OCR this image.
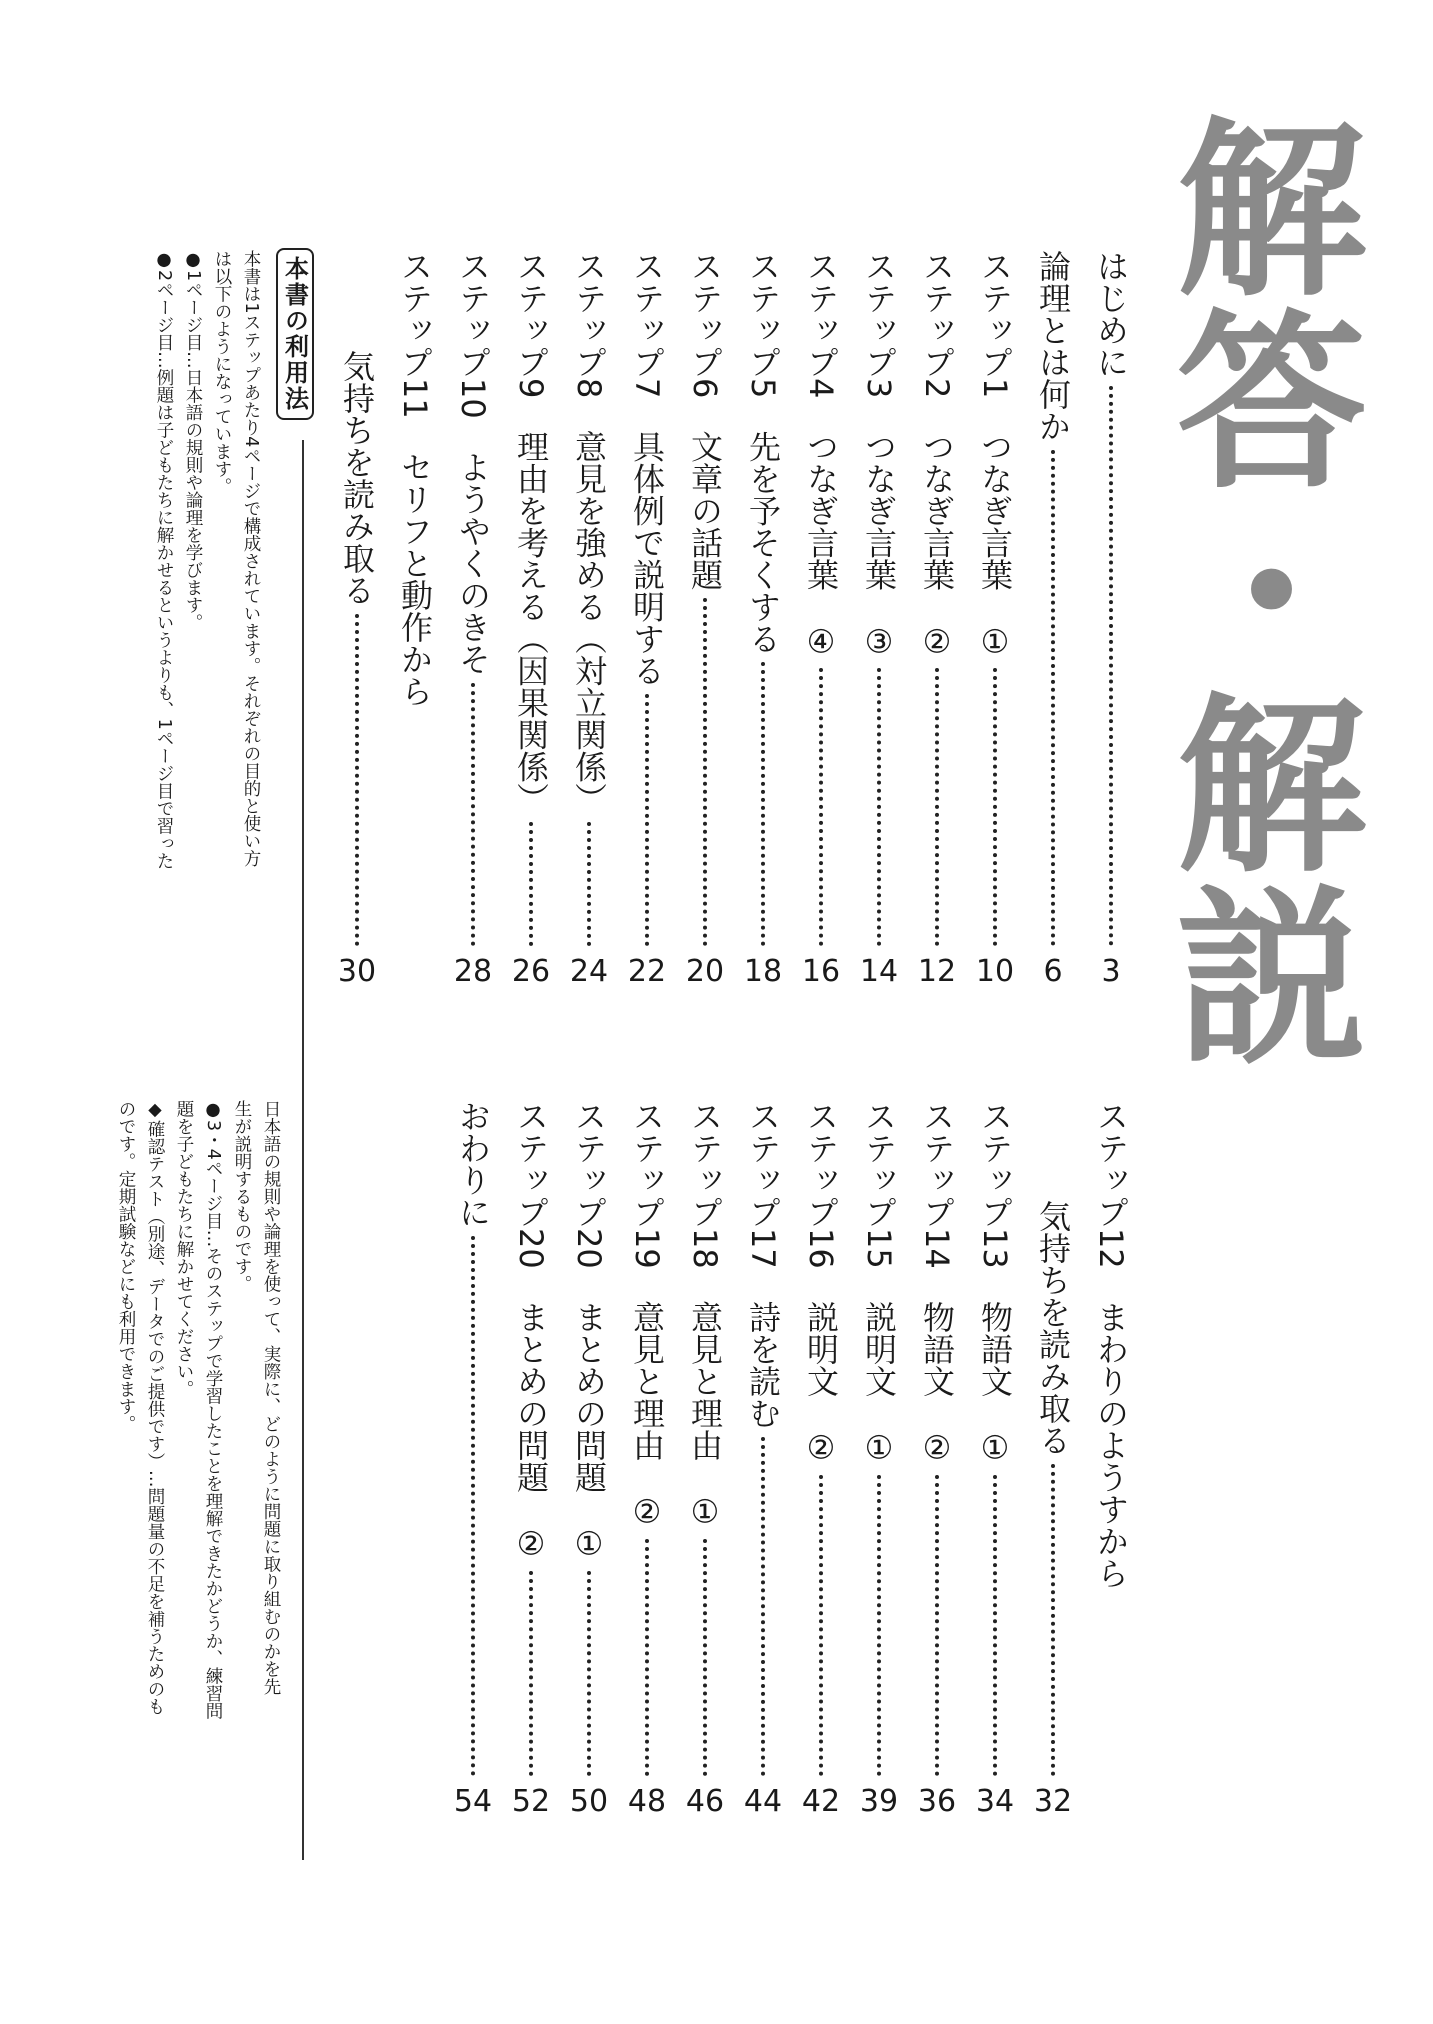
解答・解説
はじめに
3
論理とは何か
6
ステップ1　つなぎ言葉　①
10
ステップ2　つなぎ言葉　②
12
ステップ3　つなぎ言葉　③
14
ステップ4　つなぎ言葉　④
16
ステップ5　先を予そくする
18
ステップ6　文章の話題
20
ステップ7　具体例で説明する
22
ステップ8　意見を強める（対立関係）
24
ステップ9　理由を考える（因果関係）
26
ステップ10　ようやくのきそ
28
ステップ11　セリフと動作から
気持ちを読み取る
30
ステップ12　まわりのようすから
気持ちを読み取る
32
ステップ13　物語文　①
34
ステップ14　物語文　②
36
ステップ15　説明文　①
39
ステップ16　説明文　②
42
ステップ17　詩を読む
44
ステップ18　意見と理由　①
46
ステップ19　意見と理由　②
48
ステップ20　まとめの問題　①
50
ステップ20　まとめの問題　②
52
おわりに
54
本書の利用法
本書は1ステップあたり4ページで構成されています。それぞれの目的と使い方
は以下のようになっています。
●1ページ目…日本語の規則や論理を学びます。
●2ページ目…例題は子どもたちに解かせるというよりも、1ページ目で習った
日本語の規則や論理を使って、実際に、どのように問題に取り組むのかを先
生が説明するものです。
●3・4ページ目…そのステップで学習したことを理解できたかどうか、練習問
題を子どもたちに解かせてください。
◆確認テスト（別途、データでのご提供です）…問題量の不足を補うためのも
のです。定期試験などにも利用できます。
